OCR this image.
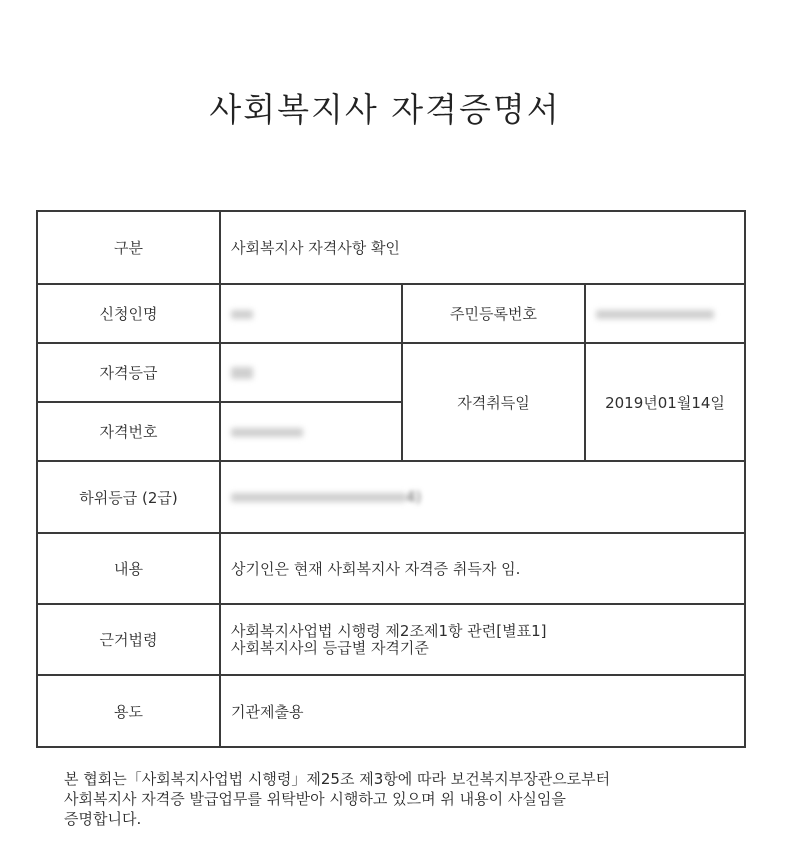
사회복지사 자격증명서
구분	사회복지사 자격사항 확인		
신청인명		주민등록번호	
자격등급		자격취득일	2019년01월14일
자격번호			
하위등급 (2급)	4)		
내용	상기인은 현재 사회복지사 자격증 취득자 임.		
근거법령	사회복지사업법 시행령 제2조제1항 관련[별표1]
사회복지사의 등급별 자격기준		

용도	기관제출용		
본 협회는「사회복지사업법 시행령」제25조 제3항에 따라 보건복지부장관으로부터
사회복지사 자격증 발급업무를 위탁받아 시행하고 있으며 위 내용이 사실임을
증명합니다.
